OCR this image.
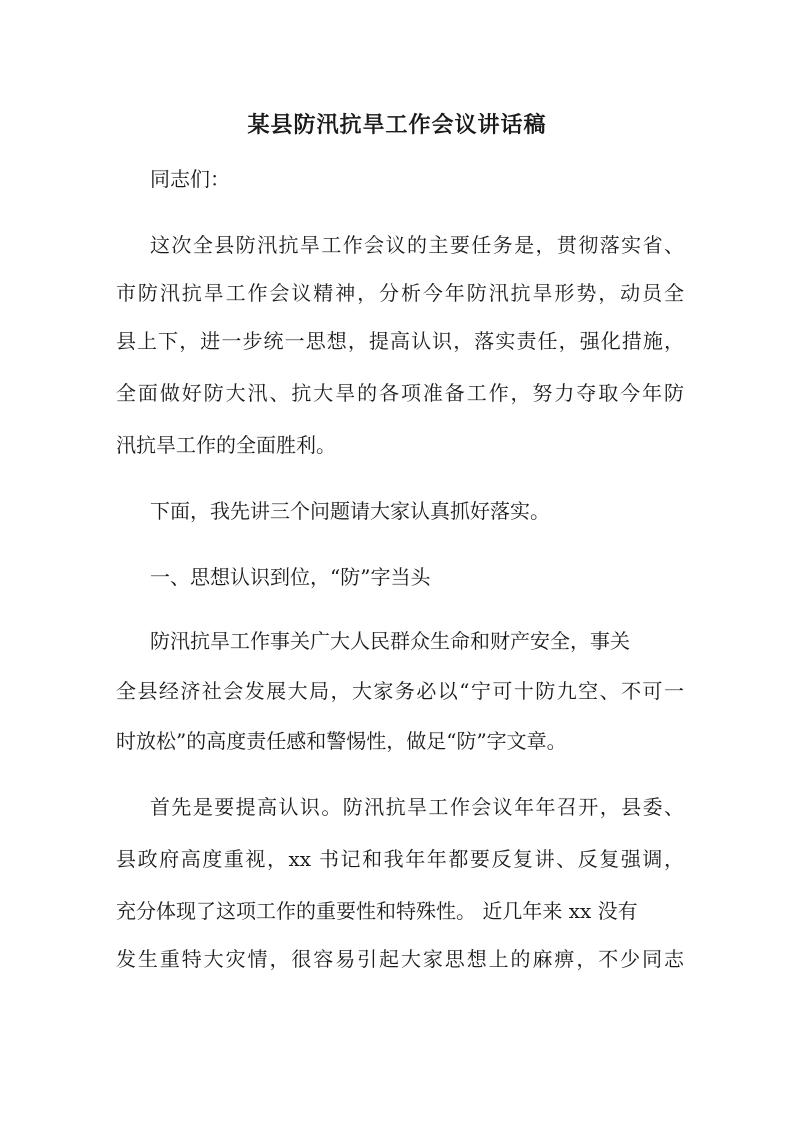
某县防汛抗旱工作会议讲话稿

同志们：

这次全县防汛抗旱工作会议的主要任务是，贯彻落实省、

市防汛抗旱工作会议精神，分析今年防汛抗旱形势，动员全

县上下，进一步统一思想，提高认识，落实责任，强化措施，

全面做好防大汛、抗大旱的各项准备工作，努力夺取今年防

汛抗旱工作的全面胜利。

下面，我先讲三个问题请大家认真抓好落实。

一、思想认识到位，“防”字当头

防汛抗旱工作事关广大人民群众生命和财产安全，事关

全县经济社会发展大局，大家务必以“宁可十防九空、不可一

时放松”的高度责任感和警惕性，做足“防”字文章。

首先是要提高认识。防汛抗旱工作会议年年召开，县委、

县政府高度重视，xx 书记和我年年都要反复讲、反复强调，

充分体现了这项工作的重要性和特殊性。 近几年来 xx 没有

发生重特大灾情，很容易引起大家思想上的麻痹，不少同志
